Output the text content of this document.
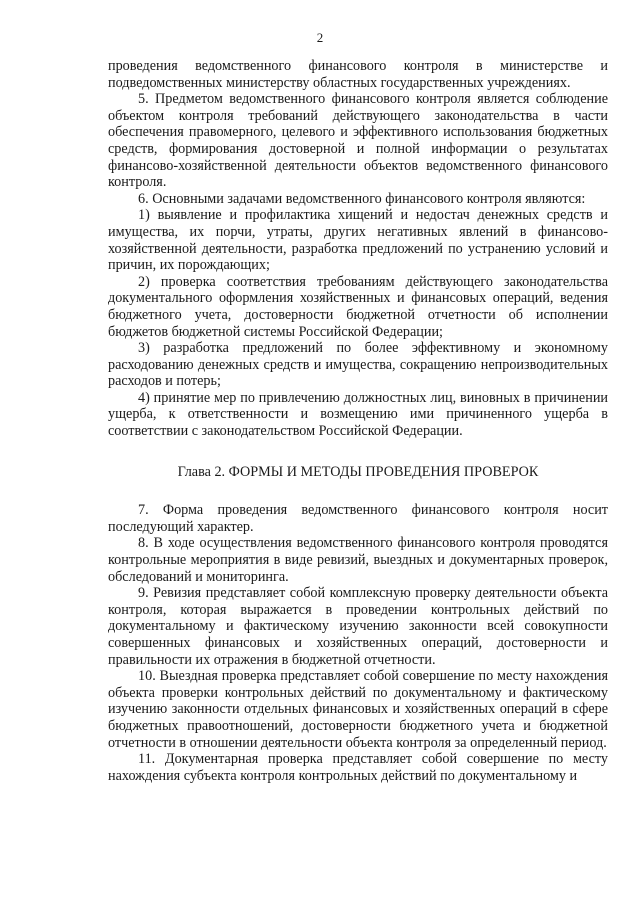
2

проведения ведомственного финансового контроля в министерстве и подведомственных министерству областных государственных учреждениях.

5. Предметом ведомственного финансового контроля является соблюдение объектом контроля требований действующего законодательства в части обеспечения правомерного, целевого и эффективного использования бюджетных средств, формирования достоверной и полной информации о результатах финансово-хозяйственной деятельности объектов ведомственного финансового контроля.

6. Основными задачами ведомственного финансового контроля являются:

1) выявление и профилактика хищений и недостач денежных средств и имущества, их порчи, утраты, других негативных явлений в финансово-хозяйственной деятельности, разработка предложений по устранению условий и причин, их порождающих;

2) проверка соответствия требованиям действующего законодательства документального оформления хозяйственных и финансовых операций, ведения бюджетного учета, достоверности бюджетной отчетности об исполнении бюджетов бюджетной системы Российской Федерации;

3) разработка предложений по более эффективному и экономному расходованию денежных средств и имущества, сокращению непроизводительных расходов и потерь;

4) принятие мер по привлечению должностных лиц, виновных в причинении ущерба, к ответственности и возмещению ими причиненного ущерба в соответствии с законодательством Российской Федерации.

Глава 2. ФОРМЫ И МЕТОДЫ ПРОВЕДЕНИЯ ПРОВЕРОК

7. Форма проведения ведомственного финансового контроля носит последующий характер.

8. В ходе осуществления ведомственного финансового контроля проводятся контрольные мероприятия в виде ревизий, выездных и документарных проверок, обследований и мониторинга.

9. Ревизия представляет собой комплексную проверку деятельности объекта контроля, которая выражается в проведении контрольных действий по документальному и фактическому изучению законности всей совокупности совершенных финансовых и хозяйственных операций, достоверности и правильности их отражения в бюджетной отчетности.

10. Выездная проверка представляет собой совершение по месту нахождения объекта проверки контрольных действий по документальному и фактическому изучению законности отдельных финансовых и хозяйственных операций в сфере бюджетных правоотношений, достоверности бюджетного учета и бюджетной отчетности в отношении деятельности объекта контроля за определенный период.

11. Документарная проверка представляет собой совершение по месту нахождения субъекта контроля контрольных действий по документальному и
